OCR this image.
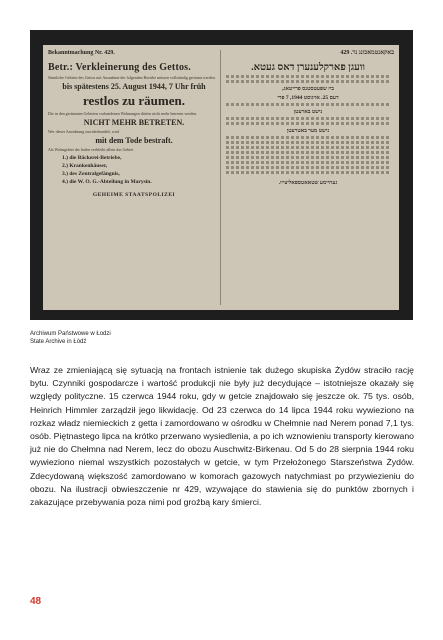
Bekanntmachung Nr. 429.
Betr.: Verkleinerung des Gettos.
Sämtliche Gebiete des Gettos mit Ausnahme der folgenden Bezirke müssen vollständig geräumt werden.
bis spätestens 25. August 1944, 7 Uhr früh
restlos zu räumen.
Die in den geräumten Gebieten vorhandenen Wohnungen dürfen nicht mehr betreten werden.
NICHT MEHR BETRETEN.
Wer dieser Anordnung zuwiderhandelt, wird
mit dem Tode bestraft.
Als Wohngebiet der Juden verbleibt allein das Gebiet
1.) die Bäckerei-Betriebe,
2.) Krankenhäuser,
3.) des Zentralgefängnis,
4.) die W. O. G.-Abteilung in Marysin.
GEHEIME STAATSPOLIZEI
באקאנטמאכונג נר. 429
וועגן פארקלענערן דאס געטא.
ביז שפעטסטנס פרייטאג,
דעם 25. אויגוסט 1944, 7 פרי
נישט בארעטן
נישט מער באטרעטן
געהיימע שטאאטספאליצייו.
Archiwum Państwowe w Łodzi
State Archive in Łódź
Wraz ze zmieniającą się sytuacją na frontach istnienie tak dużego skupiska Żydów straciło rację bytu. Czynniki gospodarcze i wartość produkcji nie były już decydujące – istotniejsze okazały się względy polityczne. 15 czerwca 1944 roku, gdy w getcie znajdowało się jeszcze ok. 75 tys. osób, Heinrich Himmler zarządził jego likwidację. Od 23 czerwca do 14 lipca 1944 roku wywieziono na rozkaz władz niemieckich z getta i zamordowano w ośrodku w Chełmnie nad Nerem ponad 7,1 tys. osób. Piętnastego lipca na krótko przerwano wysiedlenia, a po ich wznowieniu transporty kierowano już nie do Chełmna nad Nerem, lecz do obozu Auschwitz-Birkenau. Od 5 do 28 sierpnia 1944 roku wywieziono niemal wszystkich pozostałych w getcie, w tym Przełożonego Starszeństwa Żydów. Zdecydowaną większość zamordowano w komorach gazowych natychmiast po przywiezieniu do obozu. Na ilustracji obwieszczenie nr 429, wzywające do stawienia się do punktów zbornych i zakazujące przebywania poza nimi pod groźbą kary śmierci.
48
